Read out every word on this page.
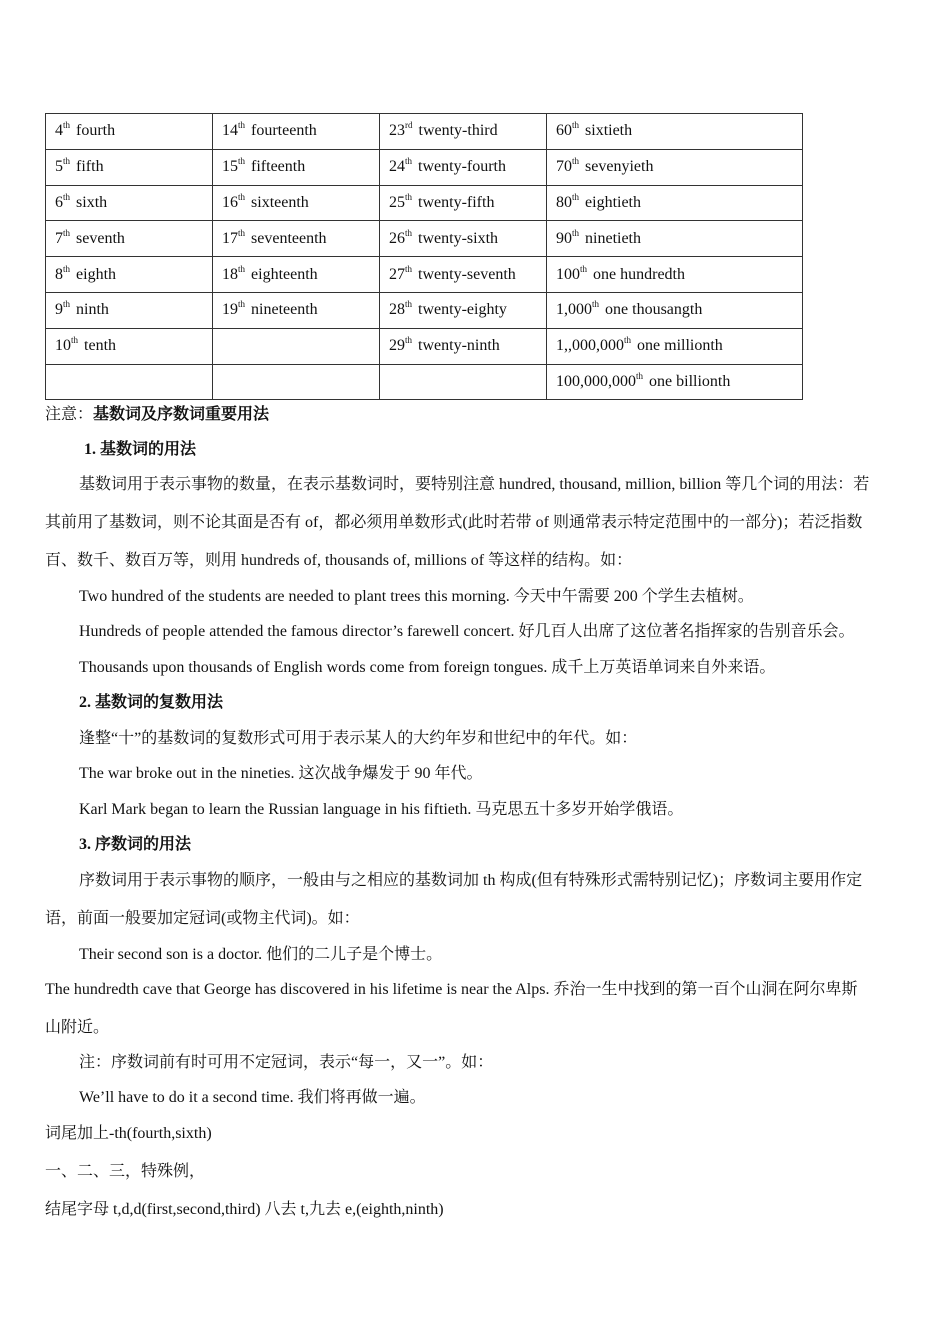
4th fourth	14th fourteenth	23rd twenty-third	60th sixtieth
5th fifth	15th fifteenth	24th twenty-fourth	70th sevenyieth
6th sixth	16th sixteenth	25th twenty-fifth	80th eightieth
7th seventh	17th seventeenth	26th twenty-sixth	90th ninetieth
8th eighth	18th eighteenth	27th twenty-seventh	100th one hundredth
9th ninth	19th nineteenth	28th twenty-eighty	1,000th one thousangth
10th tenth		29th twenty-ninth	1,,000,000th one millionth
			100,000,000th one billionth
注意：基数词及序数词重要用法
1. 基数词的用法
基数词用于表示事物的数量，在表示基数词时，要特别注意 hundred, thousand, million, billion 等几个词的用法：若
其前用了基数词，则不论其面是否有 of，都必须用单数形式(此时若带 of 则通常表示特定范围中的一部分)；若泛指数
百、数千、数百万等，则用 hundreds of, thousands of, millions of 等这样的结构。如：
Two hundred of the students are needed to plant trees this morning. 今天中午需要 200 个学生去植树。
Hundreds of people attended the famous director’s farewell concert. 好几百人出席了这位著名指挥家的告别音乐会。
Thousands upon thousands of English words come from foreign tongues. 成千上万英语单词来自外来语。
2. 基数词的复数用法
逢整“十”的基数词的复数形式可用于表示某人的大约年岁和世纪中的年代。如：
The war broke out in the nineties. 这次战争爆发于 90 年代。
Karl Mark began to learn the Russian language in his fiftieth. 马克思五十多岁开始学俄语。
3. 序数词的用法
序数词用于表示事物的顺序，一般由与之相应的基数词加 th 构成(但有特殊形式需特别记忆)；序数词主要用作定
语，前面一般要加定冠词(或物主代词)。如：
Their second son is a doctor. 他们的二儿子是个博士。
The hundredth cave that George has discovered in his lifetime is near the Alps. 乔治一生中找到的第一百个山洞在阿尔卑斯
山附近。
注：序数词前有时可用不定冠词，表示“每一，又一”。如：
We’ll have to do it a second time. 我们将再做一遍。
词尾加上-th(fourth,sixth)
一、二、三，特殊例，
结尾字母 t,d,d(first,second,third) 八去 t,九去 e,(eighth,ninth)
